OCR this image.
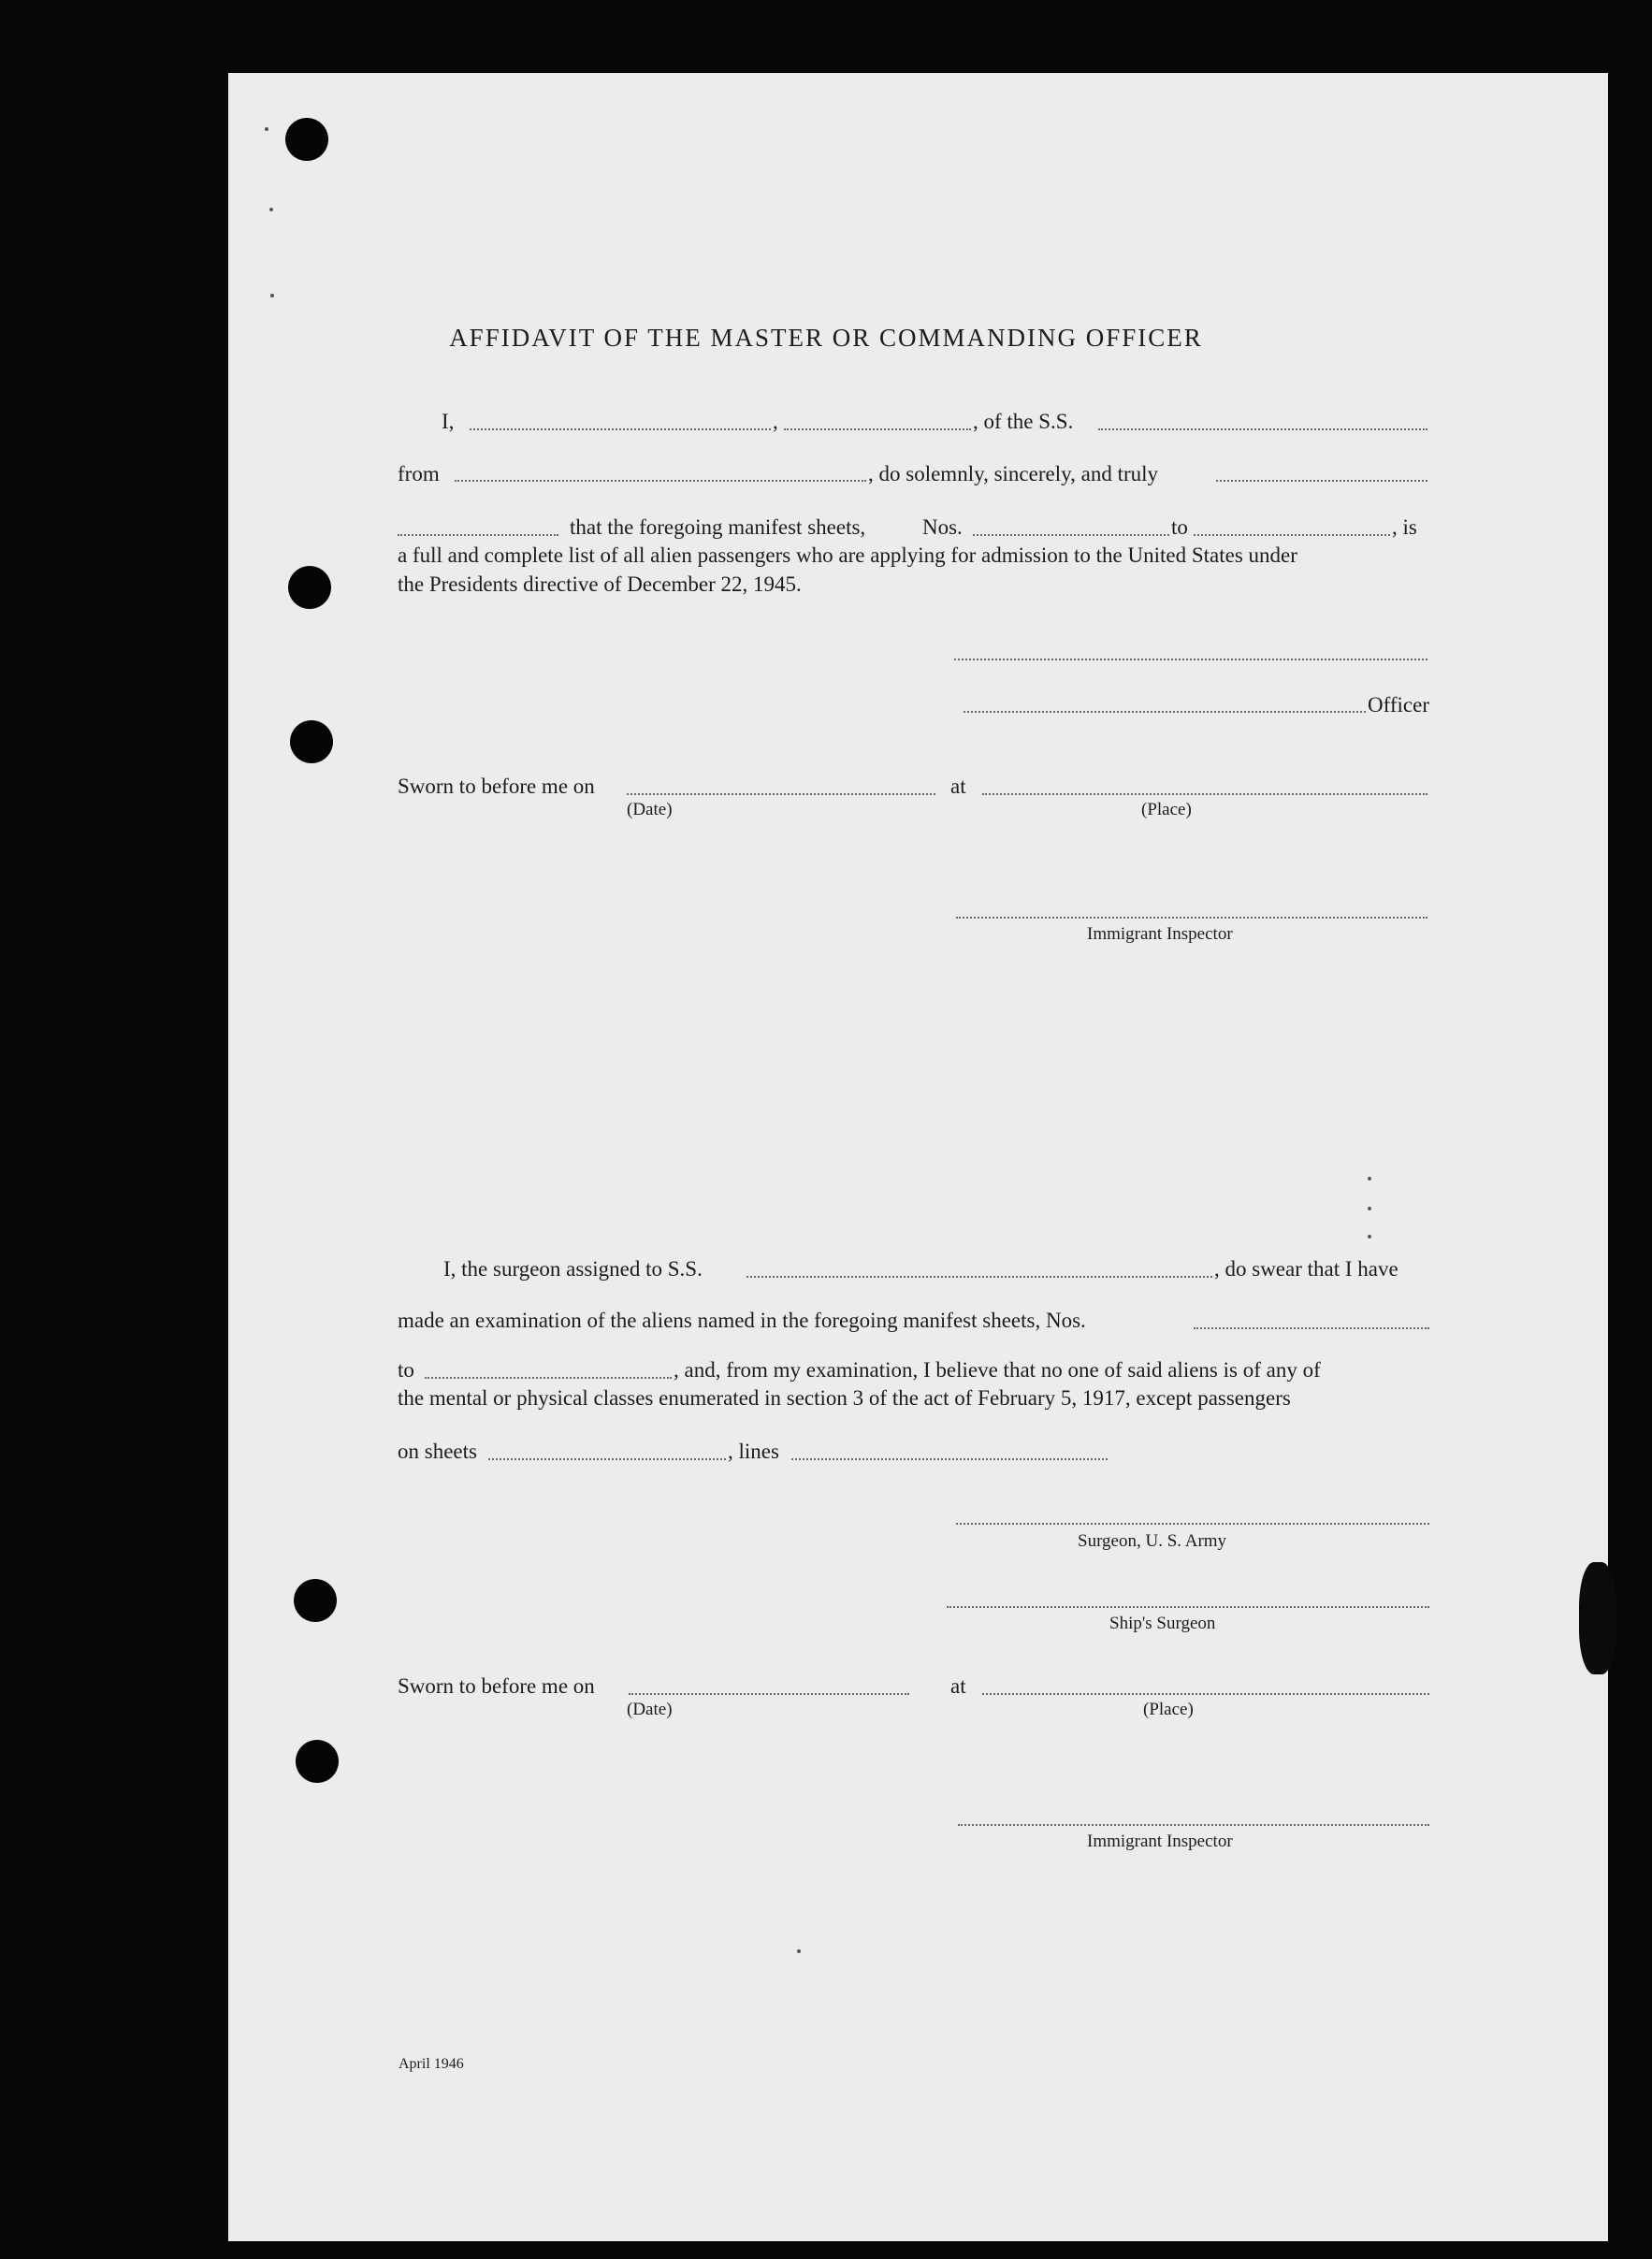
AFFIDAVIT OF THE MASTER OR COMMANDING OFFICER
I,	,	, of the S.S.
from	, do solemnly, sincerely, and truly
that the foregoing manifest sheets,	Nos.	to	, is
a full and complete list of all alien passengers who are applying for admission to the United States under
the Presidents directive of December 22, 1945.
Officer
Sworn to before me on	at
(Date)	(Place)
Immigrant Inspector
I, the surgeon assigned to S.S.	, do swear that I have
made an examination of the aliens named in the foregoing manifest sheets, Nos.
to	, and, from my examination, I believe that no one of said aliens is of any of
the mental or physical classes enumerated in section 3 of the act of February 5, 1917, except passengers
on sheets	, lines
Surgeon, U. S. Army
Ship's Surgeon
Sworn to before me on	at
(Date)	(Place)
Immigrant Inspector
April 1946
